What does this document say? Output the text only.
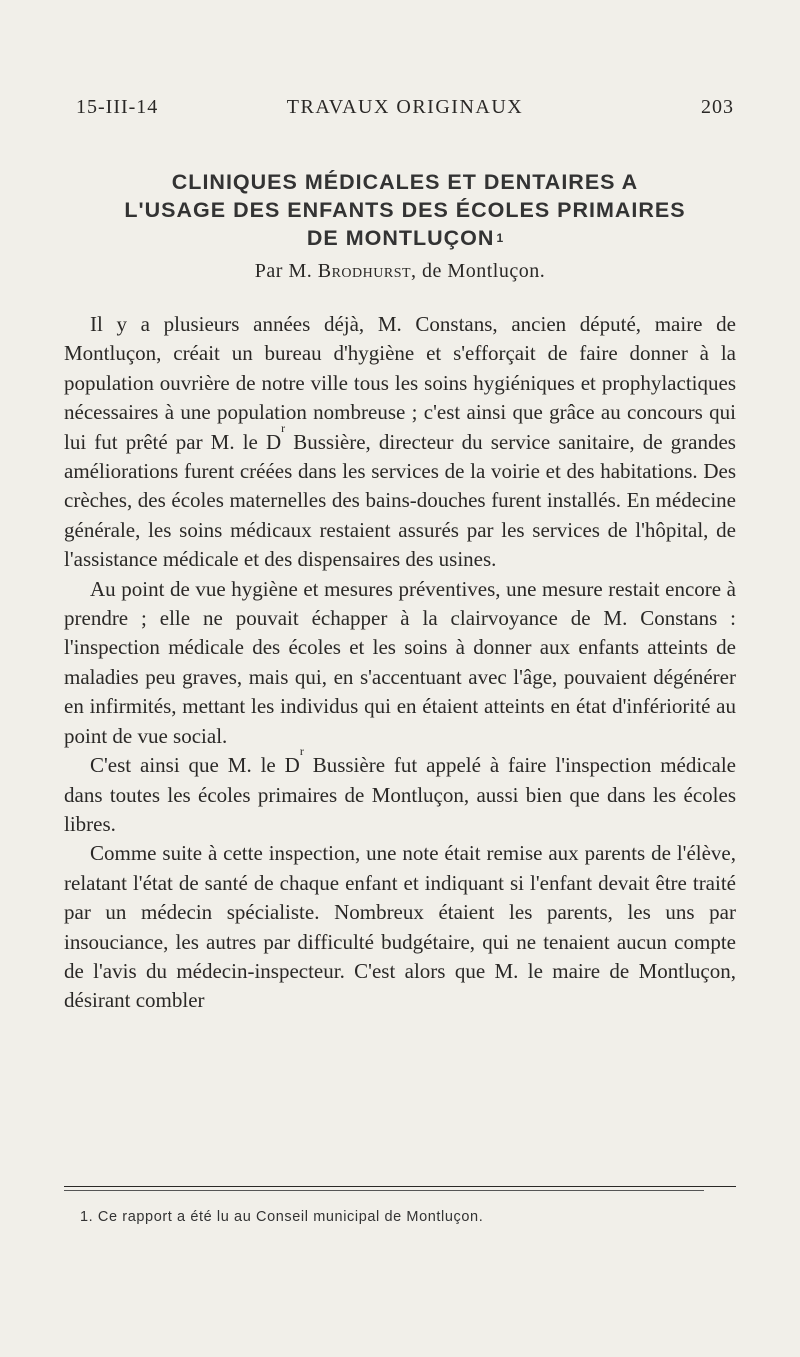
15-III-14	TRAVAUX ORIGINAUX	203
CLINIQUES MÉDICALES ET DENTAIRES A
L'USAGE DES ENFANTS DES ÉCOLES PRIMAIRES
DE MONTLUÇON $^1$
Par M. Brodhurst, de Montluçon.

Il y a plusieurs années déjà, M. Constans, ancien député, maire de Montluçon, créait un bureau d'hygiène et s'efforçait de faire donner à la population ouvrière de notre ville tous les soins hygiéniques et prophylactiques nécessaires à une population nombreuse ; c'est ainsi que grâce au concours qui lui fut prêté par M. le $D^r$ Bussière, directeur du service sanitaire, de grandes améliorations furent créées dans les services de la voirie et des habitations. Des crèches, des écoles maternelles des bains-douches furent installés. En médecine générale, les soins médicaux restaient assurés par les services de l'hôpital, de l'assistance médicale et des dispensaires des usines.

Au point de vue hygiène et mesures préventives, une mesure restait encore à prendre ; elle ne pouvait échapper à la clairvoyance de M. Constans : l'inspection médicale des écoles et les soins à donner aux enfants atteints de maladies peu graves, mais qui, en s'accentuant avec l'âge, pouvaient dégénérer en infirmités, mettant les individus qui en étaient atteints en état d'infériorité au point de vue social.

C'est ainsi que M. le $D^r$ Bussière fut appelé à faire l'inspection médicale dans toutes les écoles primaires de Montluçon, aussi bien que dans les écoles libres.

Comme suite à cette inspection, une note était remise aux parents de l'élève, relatant l'état de santé de chaque enfant et indiquant si l'enfant devait être traité par un médecin spécialiste. Nombreux étaient les parents, les uns par insouciance, les autres par difficulté budgétaire, qui ne tenaient aucun compte de l'avis du médecin-inspecteur. C'est alors que M. le maire de Montluçon, désirant combler

1. Ce rapport a été lu au Conseil municipal de Montluçon.
